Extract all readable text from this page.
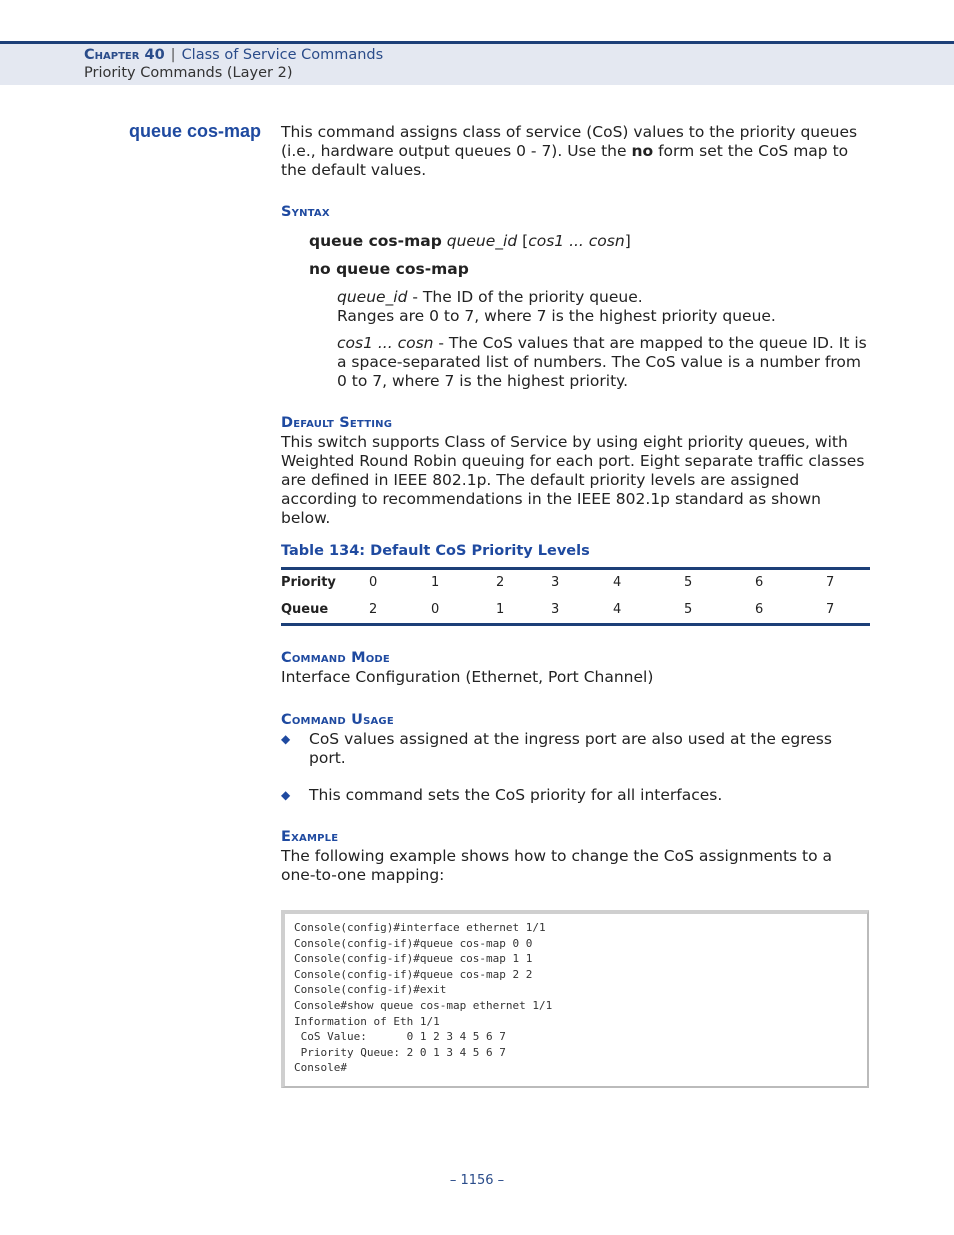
Chapter 40 | Class of Service Commands
Priority Commands (Layer 2)
queue cos-map This command assigns class of service (CoS) values to the priority queues (i.e., hardware output queues 0 - 7). Use the no form set the CoS map to the default values.
Syntax
queue cos-map queue_id [cos1 ... cosn]
no queue cos-map
queue_id - The ID of the priority queue.
Ranges are 0 to 7, where 7 is the highest priority queue.
cos1 ... cosn - The CoS values that are mapped to the queue ID. It is a space-separated list of numbers. The CoS value is a number from 0 to 7, where 7 is the highest priority.
Default Setting
This switch supports Class of Service by using eight priority queues, with Weighted Round Robin queuing for each port. Eight separate traffic classes are defined in IEEE 802.1p. The default priority levels are assigned according to recommendations in the IEEE 802.1p standard as shown below.
Table 134: Default CoS Priority Levels
Priority	0	1	2	3	4	5	6	7
Queue	2	0	1	3	4	5	6	7
Command Mode
Interface Configuration (Ethernet, Port Channel)
Command Usage
◆ CoS values assigned at the ingress port are also used at the egress port.
◆ This command sets the CoS priority for all interfaces.
Example
The following example shows how to change the CoS assignments to a one-to-one mapping:
Console(config)#interface ethernet 1/1
Console(config-if)#queue cos-map 0 0
Console(config-if)#queue cos-map 1 1
Console(config-if)#queue cos-map 2 2
Console(config-if)#exit
Console#show queue cos-map ethernet 1/1
Information of Eth 1/1
CoS Value:      0 1 2 3 4 5 6 7
Priority Queue: 2 0 1 3 4 5 6 7
Console#
– 1156 –
